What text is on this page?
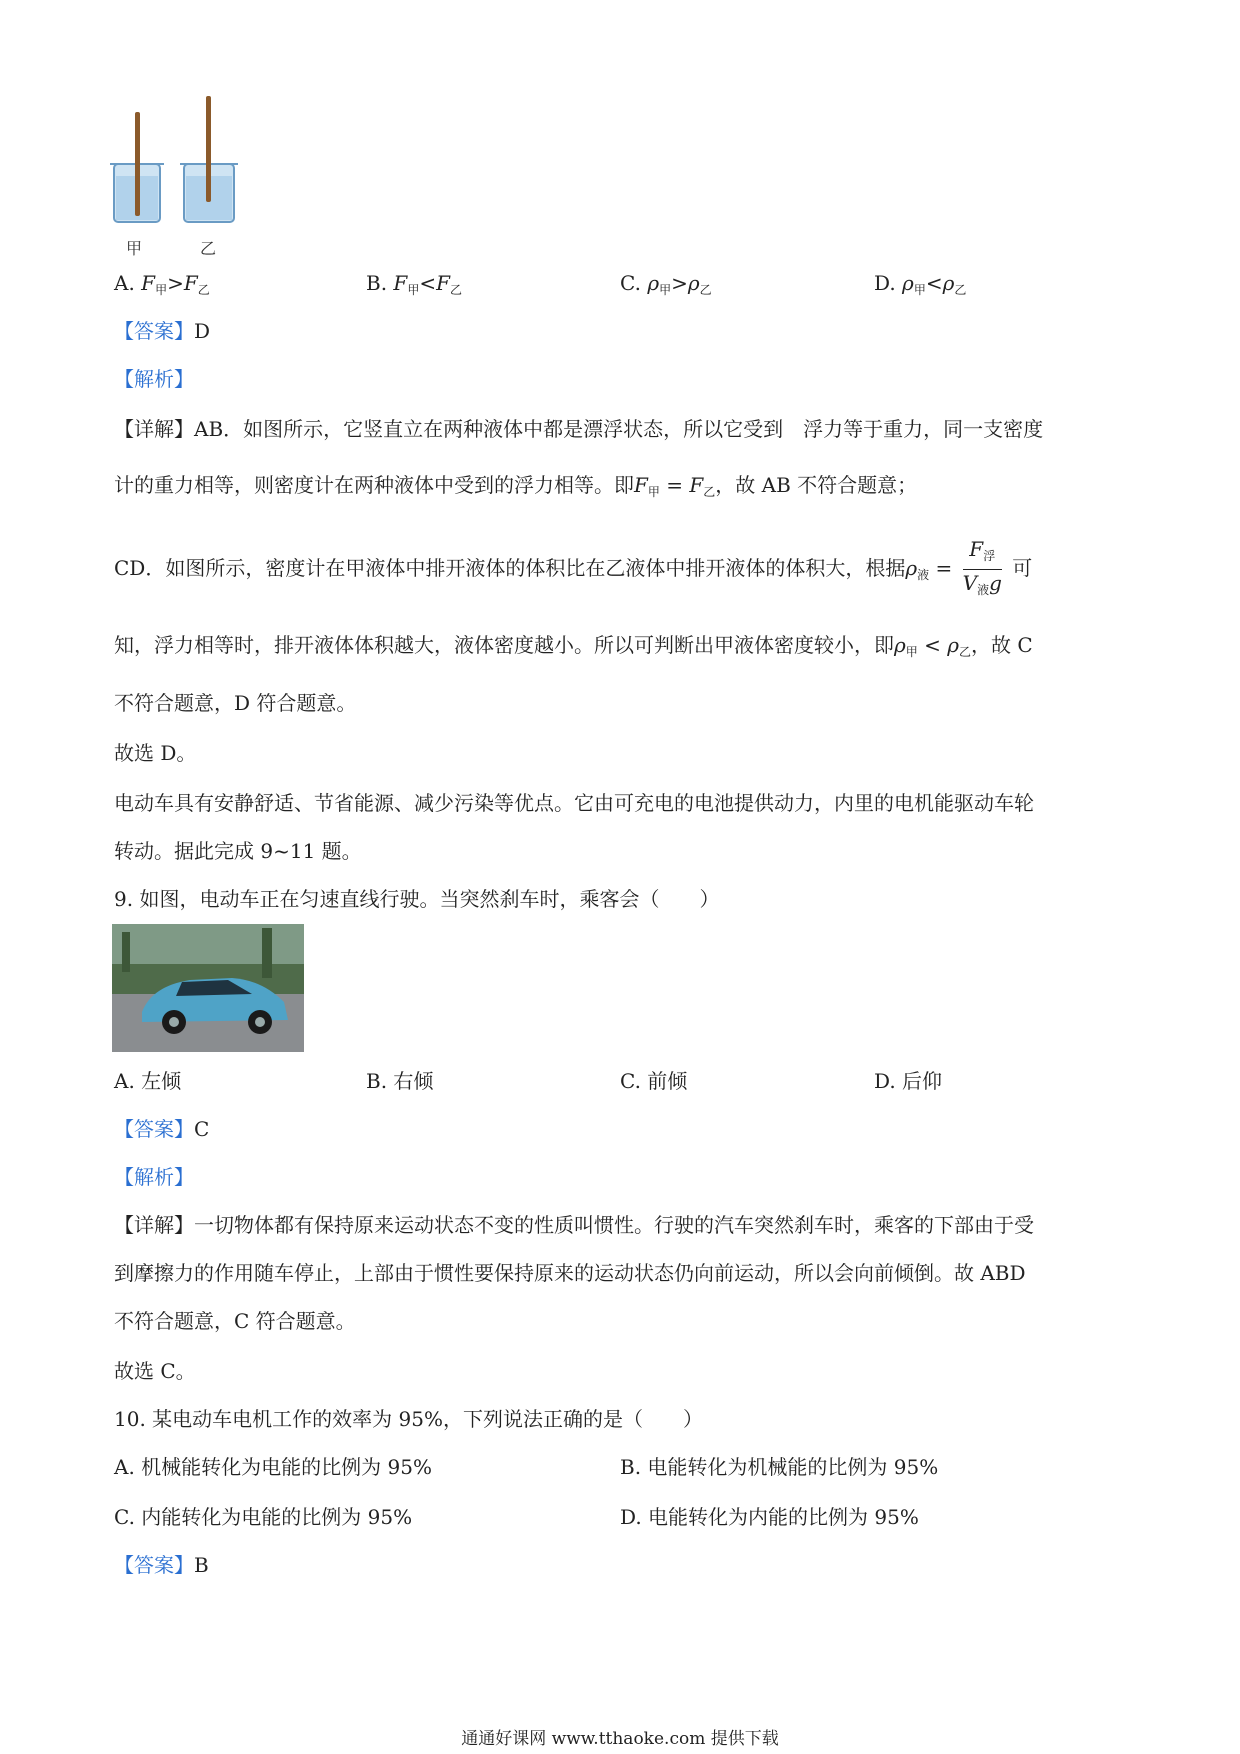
甲	乙
A. $F_甲>F_乙$	B. $F_甲<F_乙$	C. $\rho_甲>\rho_乙$	D. $\rho_甲<\rho_乙$
【答案】D
【解析】
【详解】AB．如图所示，它竖直立在两种液体中都是漂浮状态，所以它受到　浮力等于重力，同一支密度
计的重力相等，则密度计在两种液体中受到的浮力相等。即$F_甲 = F_乙$，故 AB 不符合题意；
CD．如图所示，密度计在甲液体中排开液体的体积比在乙液体中排开液体的体积大，根据$\rho_液 = \frac{F_浮}{V_液g}$ 可
知，浮力相等时，排开液体体积越大，液体密度越小。所以可判断出甲液体密度较小，即$\rho_甲 < \rho_乙$，故 C
不符合题意，D 符合题意。
故选 D。
电动车具有安静舒适、节省能源、减少污染等优点。它由可充电的电池提供动力，内里的电机能驱动车轮
转动。据此完成 9~11 题。
9. 如图，电动车正在匀速直线行驶。当突然刹车时，乘客会（　　）
A. 左倾	B. 右倾	C. 前倾	D. 后仰
【答案】C
【解析】
【详解】一切物体都有保持原来运动状态不变的性质叫惯性。行驶的汽车突然刹车时，乘客的下部由于受
到摩擦力的作用随车停止，上部由于惯性要保持原来的运动状态仍向前运动，所以会向前倾倒。故 ABD
不符合题意，C 符合题意。
故选 C。
10. 某电动车电机工作的效率为 95%，下列说法正确的是（　　）
A. 机械能转化为电能的比例为 95%	B. 电能转化为机械能的比例为 95%
C. 内能转化为电能的比例为 95%	D. 电能转化为内能的比例为 95%
【答案】B
通通好课网 www.tthaoke.com 提供下载
